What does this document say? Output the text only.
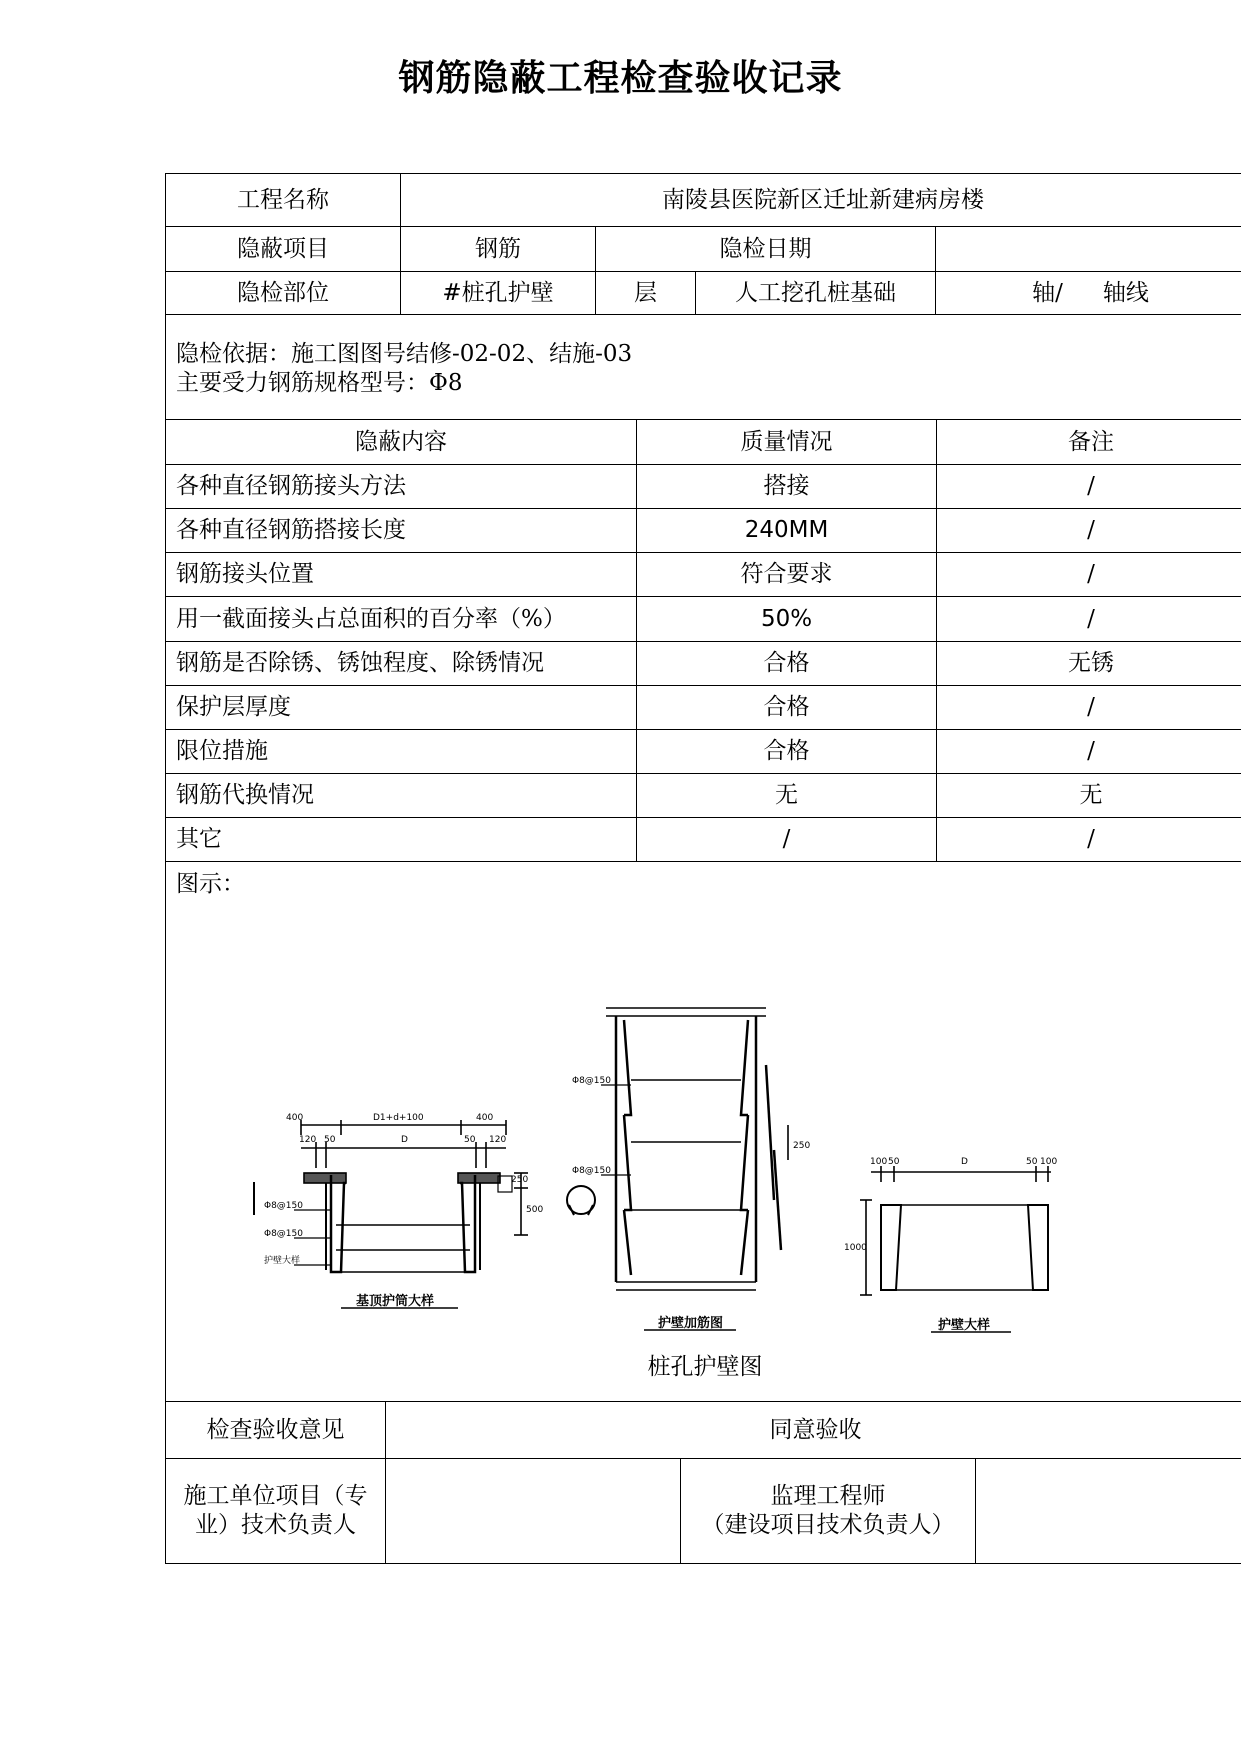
钢筋隐蔽工程检查验收记录
工程名称	南陵县医院新区迁址新建病房楼			
隐蔽项目	钢筋	隐检日期		
隐检部位	#桩孔护壁	层	人工挖孔桩基础	轴/ 轴线
隐检依据：施工图图号结修-02-02、结施-03
主要受力钢筋规格型号：Φ8
隐蔽内容	质量情况	备注
各种直径钢筋接头方法	搭接	/
各种直径钢筋搭接长度	240MM	/
钢筋接头位置	符合要求	/
用一截面接头占总面积的百分率（%）	50%	/
钢筋是否除锈、锈蚀程度、除锈情况	合格	无锈
保护层厚度	合格	/
限位措施	合格	/
钢筋代换情况	无	无
其它	/	/
图示：
400	D1+d+100	400
120 50	D	50 120
Φ8@150
Φ8@150
护壁大样
250
500
基顶护筒大样
Φ8@150
Φ8@150
250
护壁加筋图
100 50	D	50 100
1000
护壁大样
桩孔护壁图
检查验收意见	同意验收
施工单位项目（专
业）技术负责人

监理工程师
（建设项目技术负责人）
